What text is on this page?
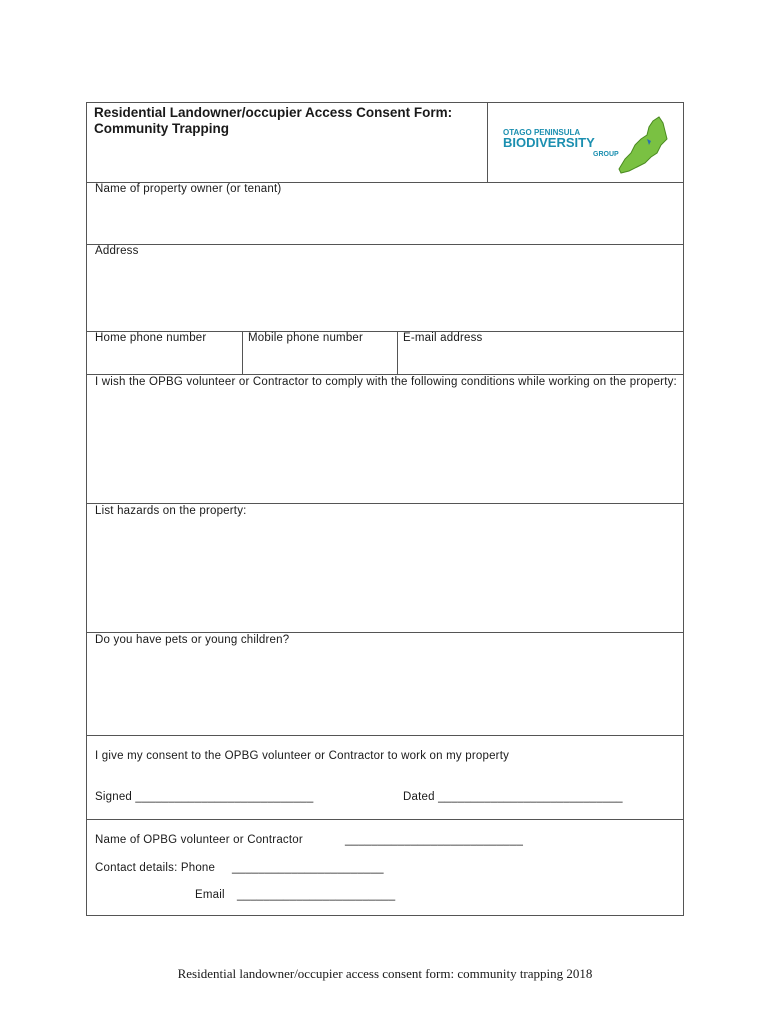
Residential Landowner/occupier Access Consent Form: Community Trapping	OTAGO PENINSULA
BIODIVERSITY
GROUP
Name of property owner (or tenant)
Address
Home phone number	Mobile phone number	E-mail address
I wish the OPBG volunteer or Contractor to comply with the following conditions while working on the property:
List hazards on the property:
Do you have pets or young children?
I give my consent to the OPBG volunteer or Contractor to work on my property
Signed ___________________________	Dated ____________________________
Name of OPBG volunteer or Contractor	___________________________
Contact details: Phone _______________________
Email ________________________
Residential landowner/occupier access consent form: community trapping 2018
